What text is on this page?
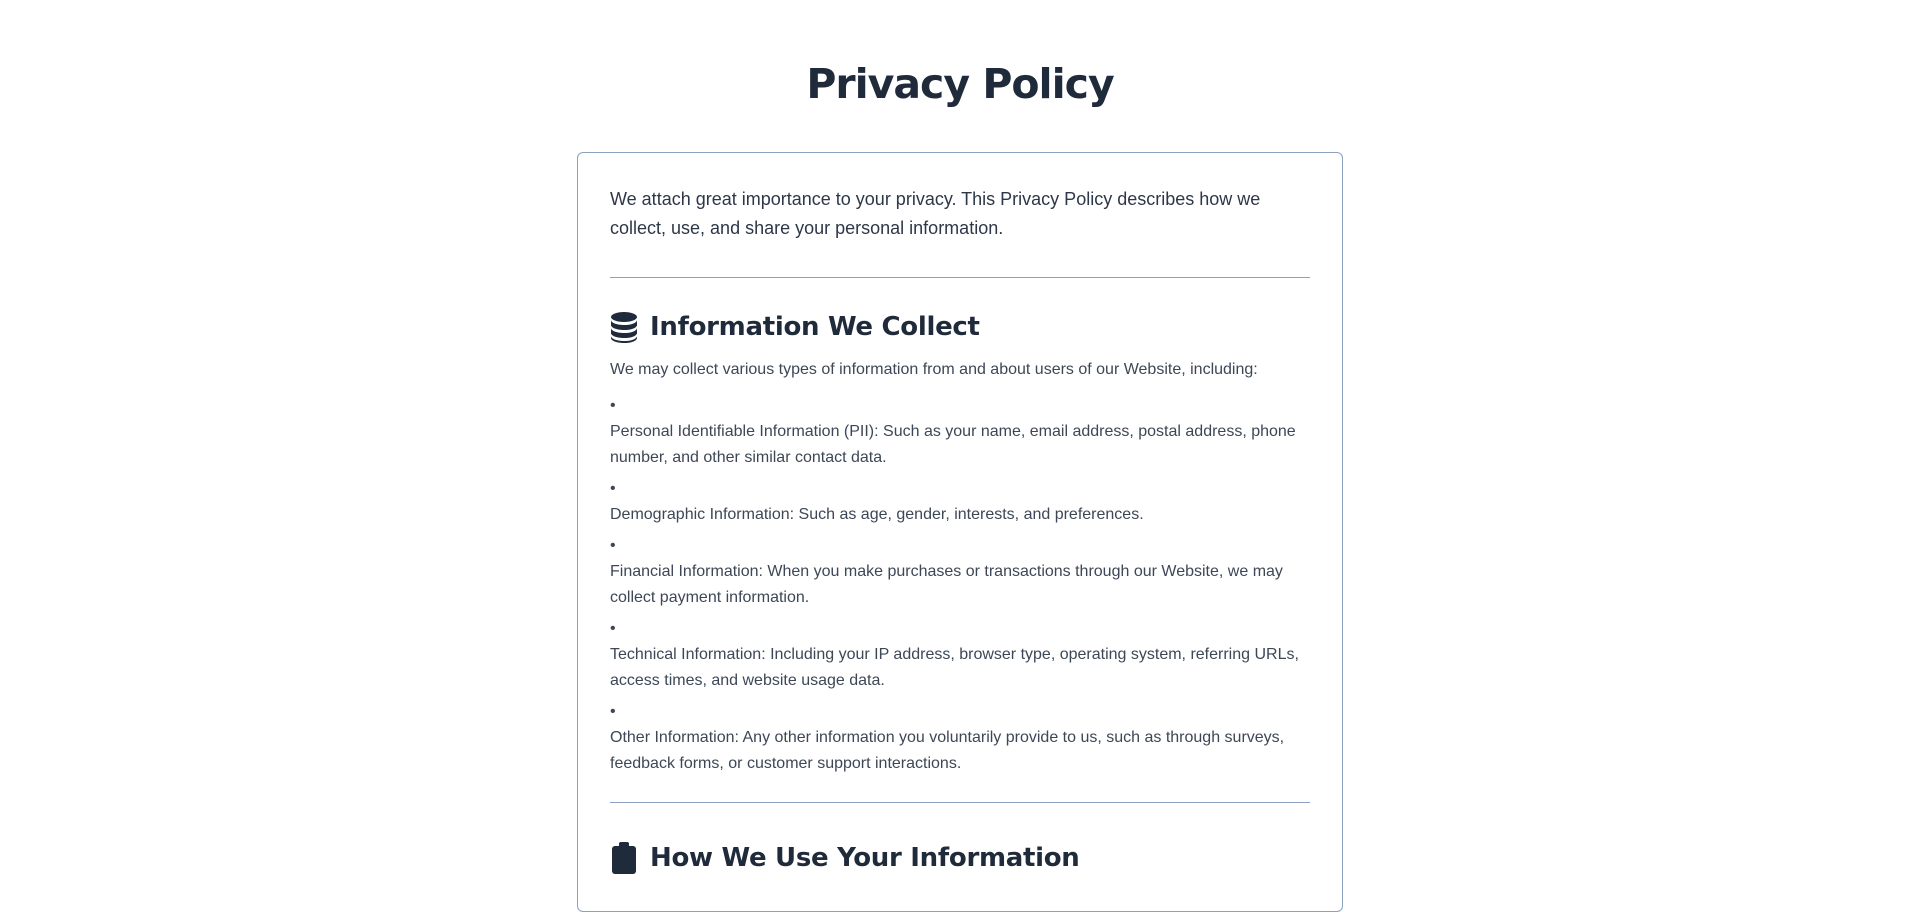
Privacy Policy

We attach great importance to your privacy. This Privacy Policy describes how we collect, use, and share your personal information.

Information We Collect

We may collect various types of information from and about users of our Website, including:

•
Personal Identifiable Information (PII): Such as your name, email address, postal address, phone number, and other similar contact data.
•
Demographic Information: Such as age, gender, interests, and preferences.
•
Financial Information: When you make purchases or transactions through our Website, we may collect payment information.
•
Technical Information: Including your IP address, browser type, operating system, referring URLs, access times, and website usage data.
•
Other Information: Any other information you voluntarily provide to us, such as through surveys, feedback forms, or customer support interactions.
How We Use Your Information
